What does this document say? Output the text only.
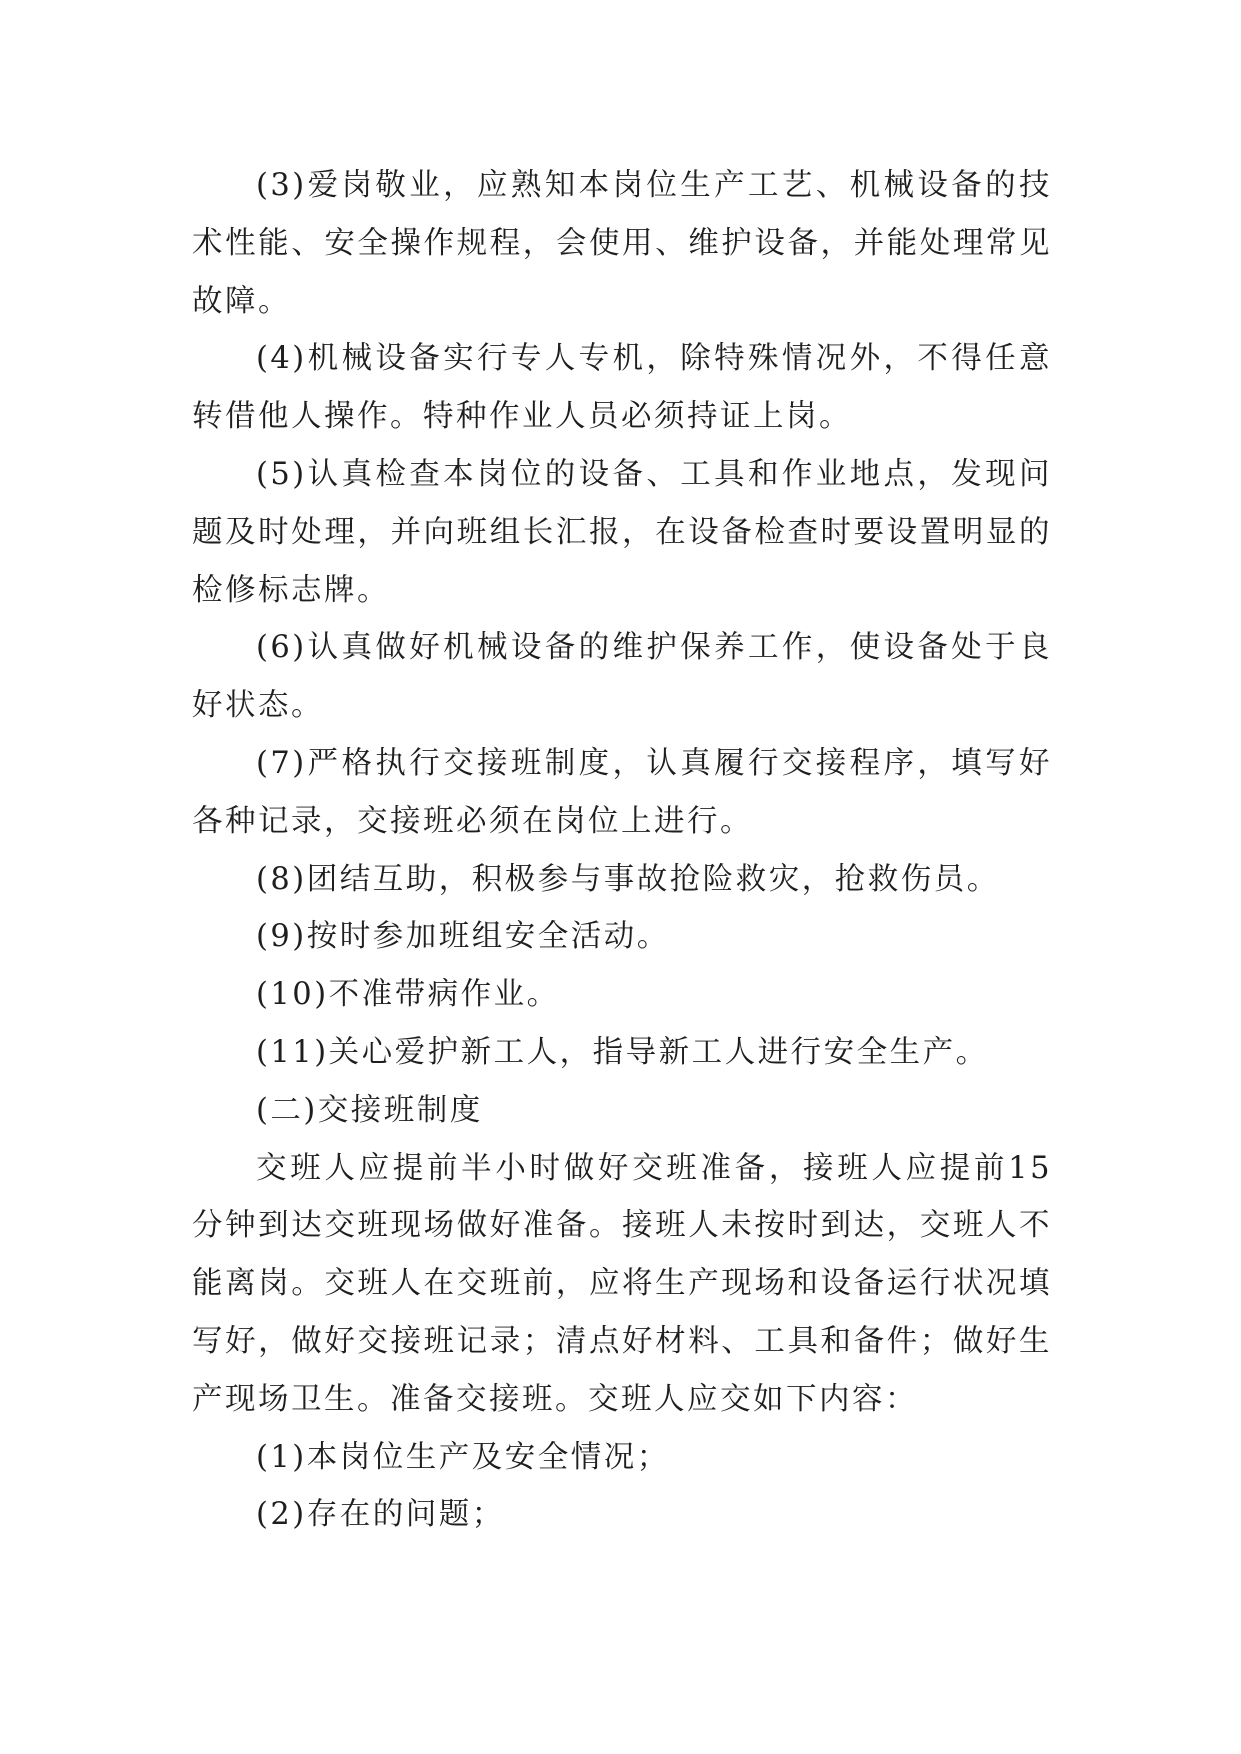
(3)爱岗敬业，应熟知本岗位生产工艺、机械设备的技术性能、安全操作规程，会使用、维护设备，并能处理常见故障。

(4)机械设备实行专人专机，除特殊情况外，不得任意转借他人操作。特种作业人员必须持证上岗。

(5)认真检查本岗位的设备、工具和作业地点，发现问题及时处理，并向班组长汇报，在设备检查时要设置明显的检修标志牌。

(6)认真做好机械设备的维护保养工作，使设备处于良好状态。

(7)严格执行交接班制度，认真履行交接程序，填写好各种记录，交接班必须在岗位上进行。

(8)团结互助，积极参与事故抢险救灾，抢救伤员。

(9)按时参加班组安全活动。

(10)不准带病作业。

(11)关心爱护新工人，指导新工人进行安全生产。

(二)交接班制度

交班人应提前半小时做好交班准备，接班人应提前15分钟到达交班现场做好准备。接班人未按时到达，交班人不能离岗。交班人在交班前，应将生产现场和设备运行状况填写好，做好交接班记录；清点好材料、工具和备件；做好生产现场卫生。准备交接班。交班人应交如下内容：

(1)本岗位生产及安全情况；

(2)存在的问题；
